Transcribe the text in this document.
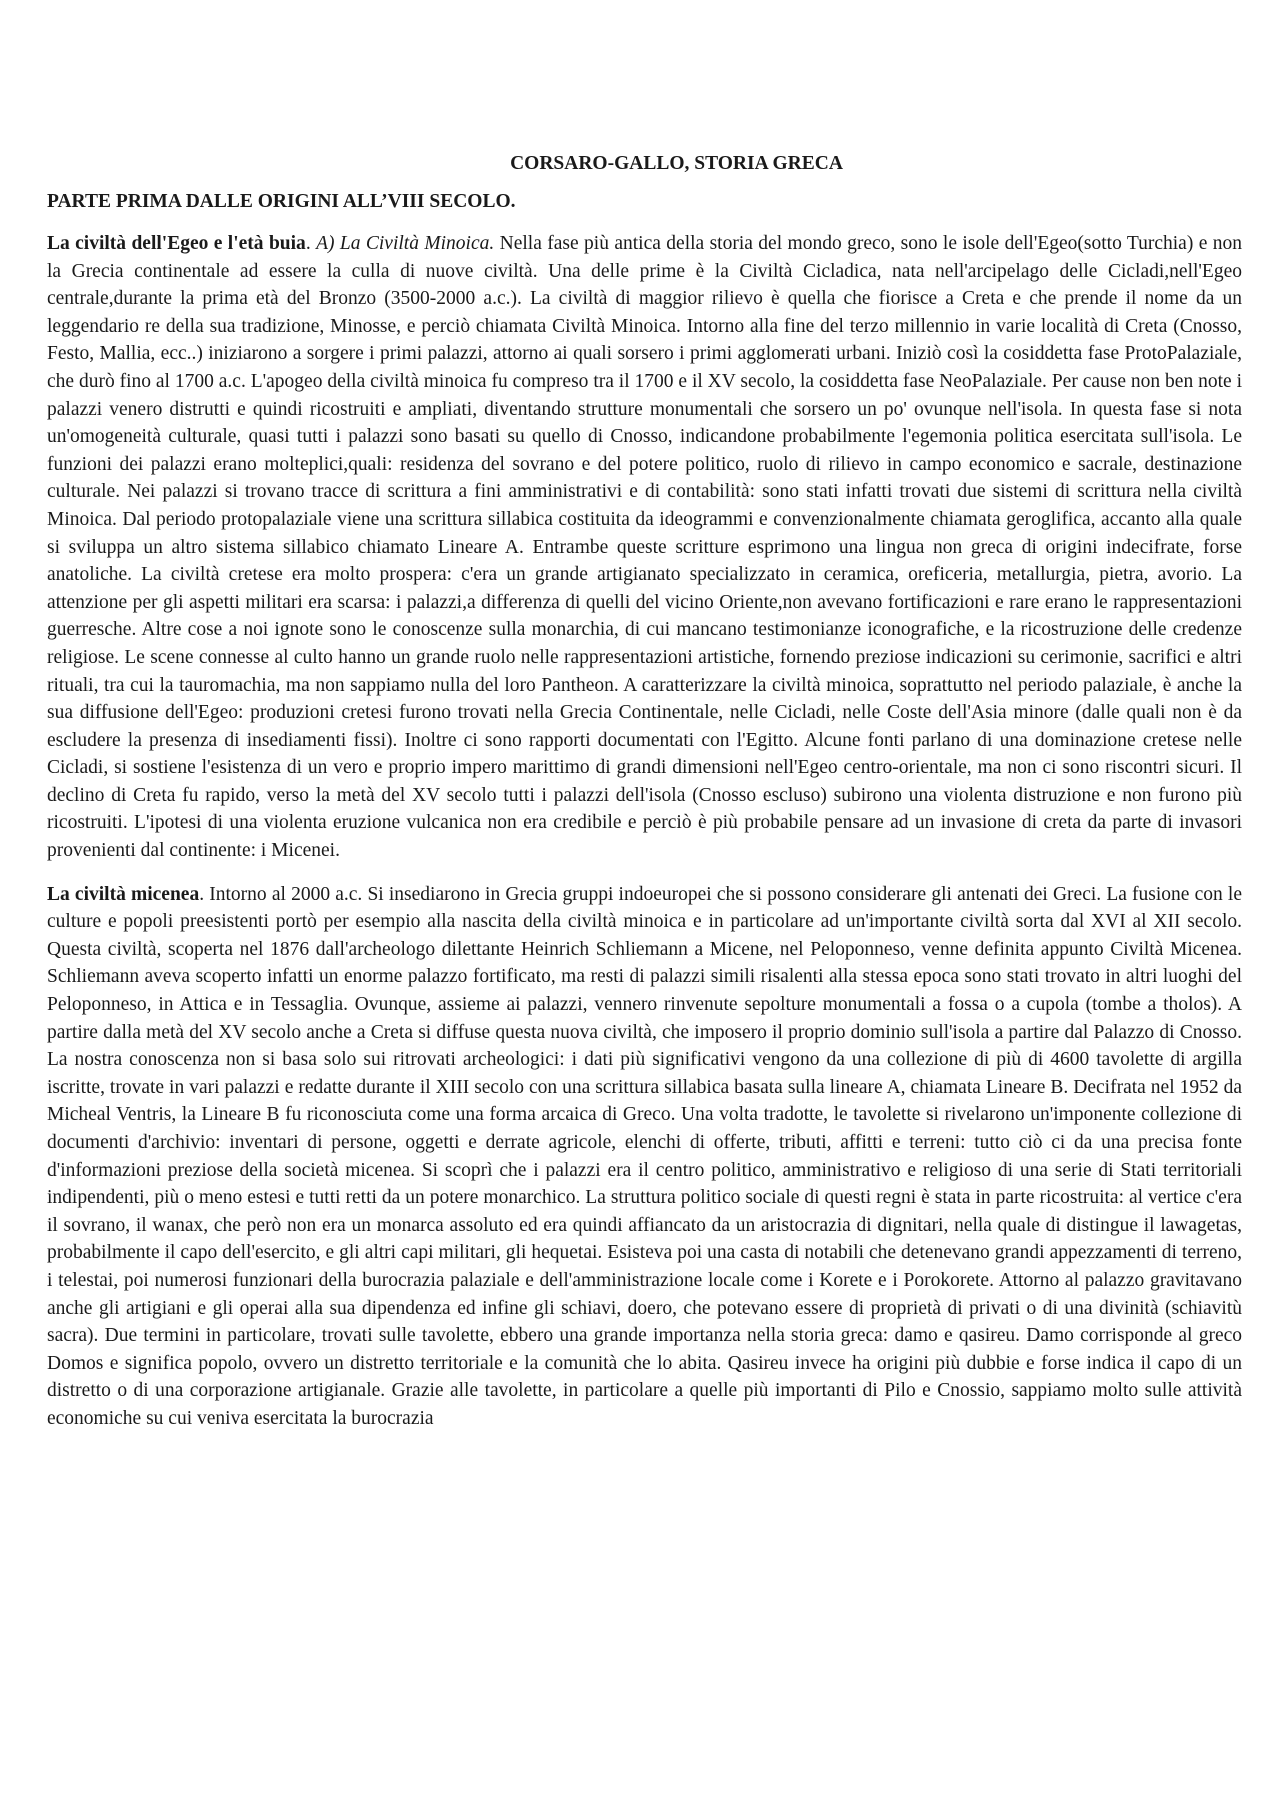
CORSARO-GALLO, STORIA GRECA
PARTE PRIMA DALLE ORIGINI ALL’VIII SECOLO.

La civiltà dell'Egeo e l'età buia. A) La Civiltà Minoica. Nella fase più antica della storia del mondo greco, sono le isole dell'Egeo(sotto Turchia) e non la Grecia continentale ad essere la culla di nuove civiltà. Una delle prime è la Civiltà Cicladica, nata nell'arcipelago delle Cicladi,nell'Egeo centrale,durante la prima età del Bronzo (3500-2000 a.c.). La civiltà di maggior rilievo è quella che fiorisce a Creta e che prende il nome da un leggendario re della sua tradizione, Minosse, e perciò chiamata Civiltà Minoica. Intorno alla fine del terzo millennio in varie località di Creta (Cnosso, Festo, Mallia, ecc..) iniziarono a sorgere i primi palazzi, attorno ai quali sorsero i primi agglomerati urbani. Iniziò così la cosiddetta fase ProtoPalaziale, che durò fino al 1700 a.c. L'apogeo della civiltà minoica fu compreso tra il 1700 e il XV secolo, la cosiddetta fase NeoPalaziale. Per cause non ben note i palazzi venero distrutti e quindi ricostruiti e ampliati, diventando strutture monumentali che sorsero un po' ovunque nell'isola. In questa fase si nota un'omogeneità culturale, quasi tutti i palazzi sono basati su quello di Cnosso, indicandone probabilmente l'egemonia politica esercitata sull'isola. Le funzioni dei palazzi erano molteplici,quali: residenza del sovrano e del potere politico, ruolo di rilievo in campo economico e sacrale, destinazione culturale. Nei palazzi si trovano tracce di scrittura a fini amministrativi e di contabilità: sono stati infatti trovati due sistemi di scrittura nella civiltà Minoica. Dal periodo protopalaziale viene una scrittura sillabica costituita da ideogrammi e convenzionalmente chiamata geroglifica, accanto alla quale si sviluppa un altro sistema sillabico chiamato Lineare A. Entrambe queste scritture esprimono una lingua non greca di origini indecifrate, forse anatoliche. La civiltà cretese era molto prospera: c'era un grande artigianato specializzato in ceramica, oreficeria, metallurgia, pietra, avorio. La attenzione per gli aspetti militari era scarsa: i palazzi,a differenza di quelli del vicino Oriente,non avevano fortificazioni e rare erano le rappresentazioni guerresche. Altre cose a noi ignote sono le conoscenze sulla monarchia, di cui mancano testimonianze iconografiche, e la ricostruzione delle credenze religiose. Le scene connesse al culto hanno un grande ruolo nelle rappresentazioni artistiche, fornendo preziose indicazioni su cerimonie, sacrifici e altri rituali, tra cui la tauromachia, ma non sappiamo nulla del loro Pantheon. A caratterizzare la civiltà minoica, soprattutto nel periodo palaziale, è anche la sua diffusione dell'Egeo: produzioni cretesi furono trovati nella Grecia Continentale, nelle Cicladi, nelle Coste dell'Asia minore (dalle quali non è da escludere la presenza di insediamenti fissi). Inoltre ci sono rapporti documentati con l'Egitto. Alcune fonti parlano di una dominazione cretese nelle Cicladi, si sostiene l'esistenza di un vero e proprio impero marittimo di grandi dimensioni nell'Egeo centro-orientale, ma non ci sono riscontri sicuri. Il declino di Creta fu rapido, verso la metà del XV secolo tutti i palazzi dell'isola (Cnosso escluso) subirono una violenta distruzione e non furono più ricostruiti. L'ipotesi di una violenta eruzione vulcanica non era credibile e perciò è più probabile pensare ad un invasione di creta da parte di invasori provenienti dal continente: i Micenei.

La civiltà micenea. Intorno al 2000 a.c. Si insediarono in Grecia gruppi indoeuropei che si possono considerare gli antenati dei Greci. La fusione con le culture e popoli preesistenti portò per esempio alla nascita della civiltà minoica e in particolare ad un'importante civiltà sorta dal XVI al XII secolo. Questa civiltà, scoperta nel 1876 dall'archeologo dilettante Heinrich Schliemann a Micene, nel Peloponneso, venne definita appunto Civiltà Micenea. Schliemann aveva scoperto infatti un enorme palazzo fortificato, ma resti di palazzi simili risalenti alla stessa epoca sono stati trovato in altri luoghi del Peloponneso, in Attica e in Tessaglia. Ovunque, assieme ai palazzi, vennero rinvenute sepolture monumentali a fossa o a cupola (tombe a tholos). A partire dalla metà del XV secolo anche a Creta si diffuse questa nuova civiltà, che imposero il proprio dominio sull'isola a partire dal Palazzo di Cnosso. La nostra conoscenza non si basa solo sui ritrovati archeologici: i dati più significativi vengono da una collezione di più di 4600 tavolette di argilla iscritte, trovate in vari palazzi e redatte durante il XIII secolo con una scrittura sillabica basata sulla lineare A, chiamata Lineare B. Decifrata nel 1952 da Micheal Ventris, la Lineare B fu riconosciuta come una forma arcaica di Greco. Una volta tradotte, le tavolette si rivelarono un'imponente collezione di documenti d'archivio: inventari di persone, oggetti e derrate agricole, elenchi di offerte, tributi, affitti e terreni: tutto ciò ci da una precisa fonte d'informazioni preziose della società micenea. Si scoprì che i palazzi era il centro politico, amministrativo e religioso di una serie di Stati territoriali indipendenti, più o meno estesi e tutti retti da un potere monarchico. La struttura politico sociale di questi regni è stata in parte ricostruita: al vertice c'era il sovrano, il wanax, che però non era un monarca assoluto ed era quindi affiancato da un aristocrazia di dignitari, nella quale di distingue il lawagetas, probabilmente il capo dell'esercito, e gli altri capi militari, gli hequetai. Esisteva poi una casta di notabili che detenevano grandi appezzamenti di terreno, i telestai, poi numerosi funzionari della burocrazia palaziale e dell'amministrazione locale come i Korete e i Porokorete. Attorno al palazzo gravitavano anche gli artigiani e gli operai alla sua dipendenza ed infine gli schiavi, doero, che potevano essere di proprietà di privati o di una divinità (schiavitù sacra). Due termini in particolare, trovati sulle tavolette, ebbero una grande importanza nella storia greca: damo e qasireu. Damo corrisponde al greco Domos e significa popolo, ovvero un distretto territoriale e la comunità che lo abita. Qasireu invece ha origini più dubbie e forse indica il capo di un distretto o di una corporazione artigianale. Grazie alle tavolette, in particolare a quelle più importanti di Pilo e Cnossio, sappiamo molto sulle attività economiche su cui veniva esercitata la burocrazia
